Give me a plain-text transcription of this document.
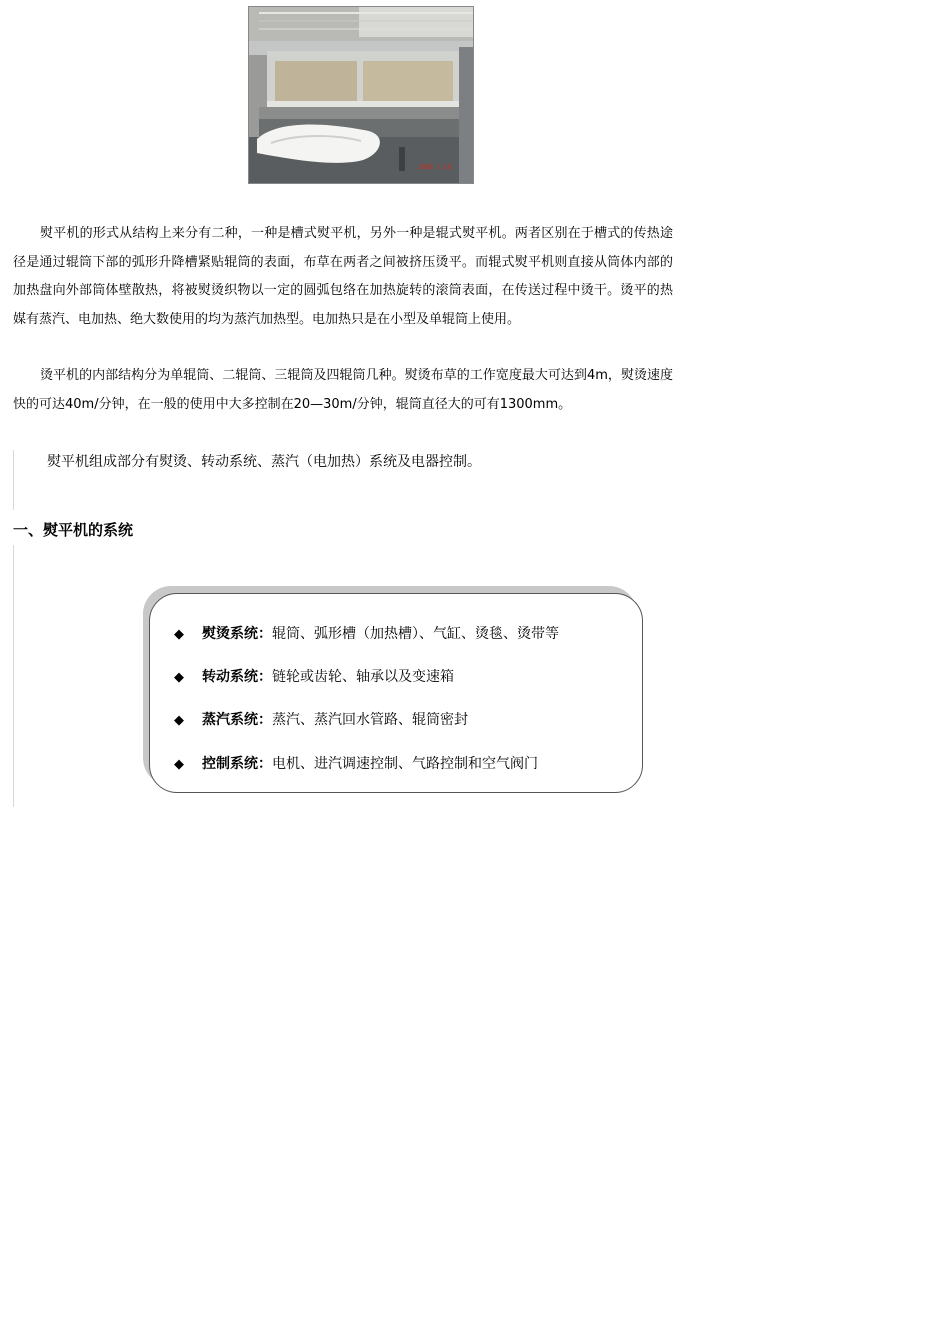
2005 1 18

熨平机的形式从结构上来分有二种，一种是槽式熨平机，另外一种是辊式熨平机。两者区别在于槽式的传热途径是通过辊筒下部的弧形升降槽紧贴辊筒的表面，布草在两者之间被挤压烫平。而辊式熨平机则直接从筒体内部的加热盘向外部筒体壁散热，将被熨烫织物以一定的圆弧包络在加热旋转的滚筒表面，在传送过程中烫干。烫平的热媒有蒸汽、电加热、绝大数使用的均为蒸汽加热型。电加热只是在小型及单辊筒上使用。

烫平机的内部结构分为单辊筒、二辊筒、三辊筒及四辊筒几种。熨烫布草的工作宽度最大可达到4m，熨烫速度快的可达40m/分钟，在一般的使用中大多控制在20—30m/分钟，辊筒直径大的可有1300mm。

熨平机组成部分有熨烫、转动系统、蒸汽（电加热）系统及电器控制。

一、熨平机的系统
◆ 熨烫系统：辊筒、弧形槽（加热槽）、气缸、烫毯、烫带等
◆ 转动系统：链轮或齿轮、轴承以及变速箱
◆ 蒸汽系统：蒸汽、蒸汽回水管路、辊筒密封
◆ 控制系统：电机、进汽调速控制、气路控制和空气阀门
